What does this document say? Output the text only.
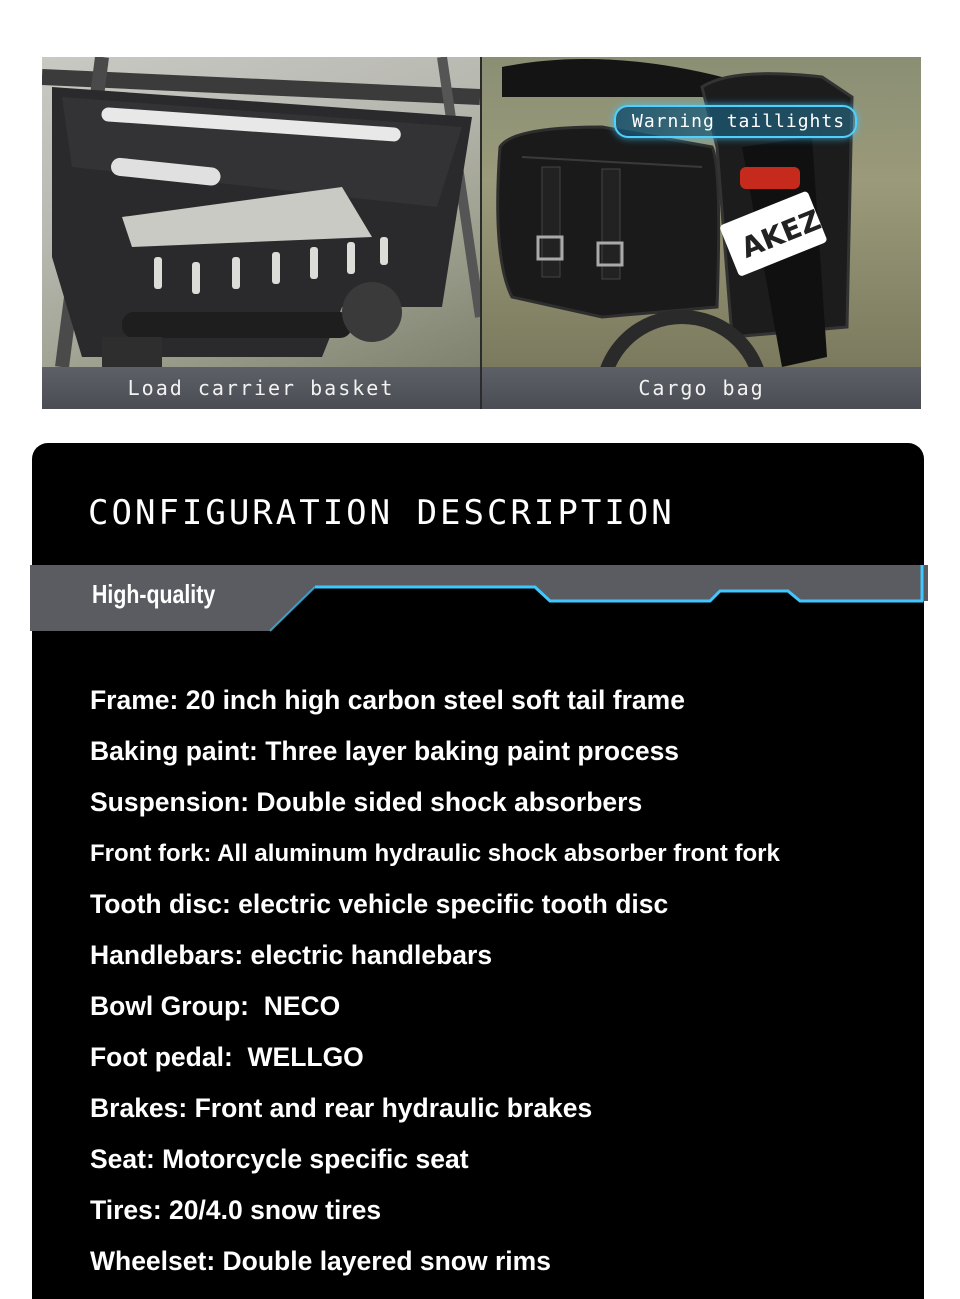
AKEZ
Warning taillights
Load carrier basket	Cargo bag
CONFIGURATION DESCRIPTION
High-quality
Frame: 20 inch high carbon steel soft tail frame
Baking paint: Three layer baking paint process
Suspension: Double sided shock absorbers
Front fork: All aluminum hydraulic shock absorber front fork
Tooth disc: electric vehicle specific tooth disc
Handlebars: electric handlebars
Bowl Group:  NECO
Foot pedal:  WELLGO
Brakes: Front and rear hydraulic brakes
Seat: Motorcycle specific seat
Tires: 20/4.0 snow tires
Wheelset: Double layered snow rims
